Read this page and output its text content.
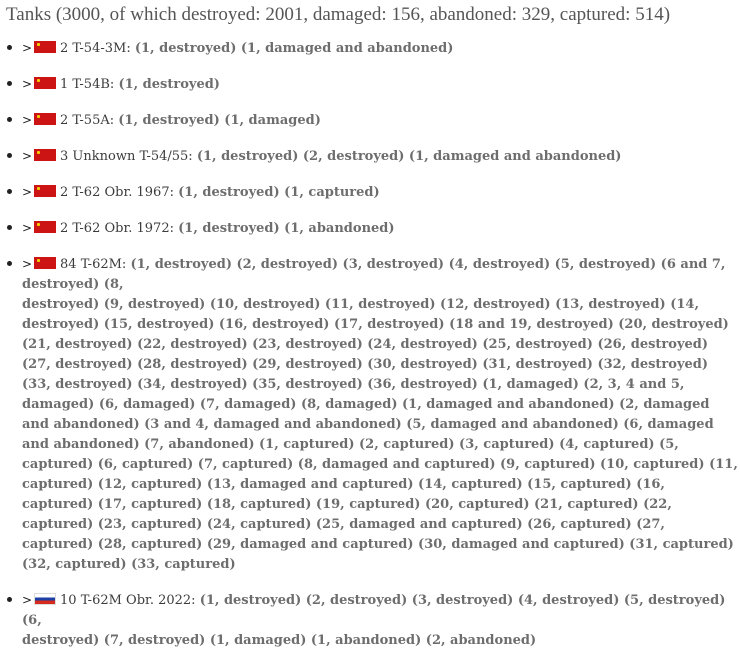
Tanks (3000, of which destroyed: 2001, damaged: 156, abandoned: 329, captured: 514)
> 2 T-54-3M: (1, destroyed) (1, damaged and abandoned)
> 1 T-54B: (1, destroyed)
> 2 T-55A: (1, destroyed) (1, damaged)
> 3 Unknown T-54/55: (1, destroyed) (2, destroyed) (1, damaged and abandoned)
> 2 T-62 Obr. 1967: (1, destroyed) (1, captured)
> 2 T-62 Obr. 1972: (1, destroyed) (1, abandoned)
> 84 T-62M: (1, destroyed) (2, destroyed) (3, destroyed) (4, destroyed) (5, destroyed) (6 and 7, destroyed) (8,
destroyed) (9, destroyed) (10, destroyed) (11, destroyed) (12, destroyed) (13, destroyed) (14, destroyed) (15, destroyed) (16, destroyed) (17, destroyed) (18 and 19, destroyed) (20, destroyed) (21, destroyed) (22, destroyed) (23, destroyed) (24, destroyed) (25, destroyed) (26, destroyed) (27, destroyed) (28, destroyed) (29, destroyed) (30, destroyed) (31, destroyed) (32, destroyed) (33, destroyed) (34, destroyed) (35, destroyed) (36, destroyed) (1, damaged) (2, 3, 4 and 5, damaged) (6, damaged) (7, damaged) (8, damaged) (1, damaged and abandoned) (2, damaged and abandoned) (3 and 4, damaged and abandoned) (5, damaged and abandoned) (6, damaged and abandoned) (7, abandoned) (1, captured) (2, captured) (3, captured) (4, captured) (5, captured) (6, captured) (7, captured) (8, damaged and captured) (9, captured) (10, captured) (11, captured) (12, captured) (13, damaged and captured) (14, captured) (15, captured) (16, captured) (17, captured) (18, captured) (19, captured) (20, captured) (21, captured) (22, captured) (23, captured) (24, captured) (25, damaged and captured) (26, captured) (27, captured) (28, captured) (29, damaged and captured) (30, damaged and captured) (31, captured) (32, captured) (33, captured)
> 10 T-62M Obr. 2022: (1, destroyed) (2, destroyed) (3, destroyed) (4, destroyed) (5, destroyed) (6,
destroyed) (7, destroyed) (1, damaged) (1, abandoned) (2, abandoned)
